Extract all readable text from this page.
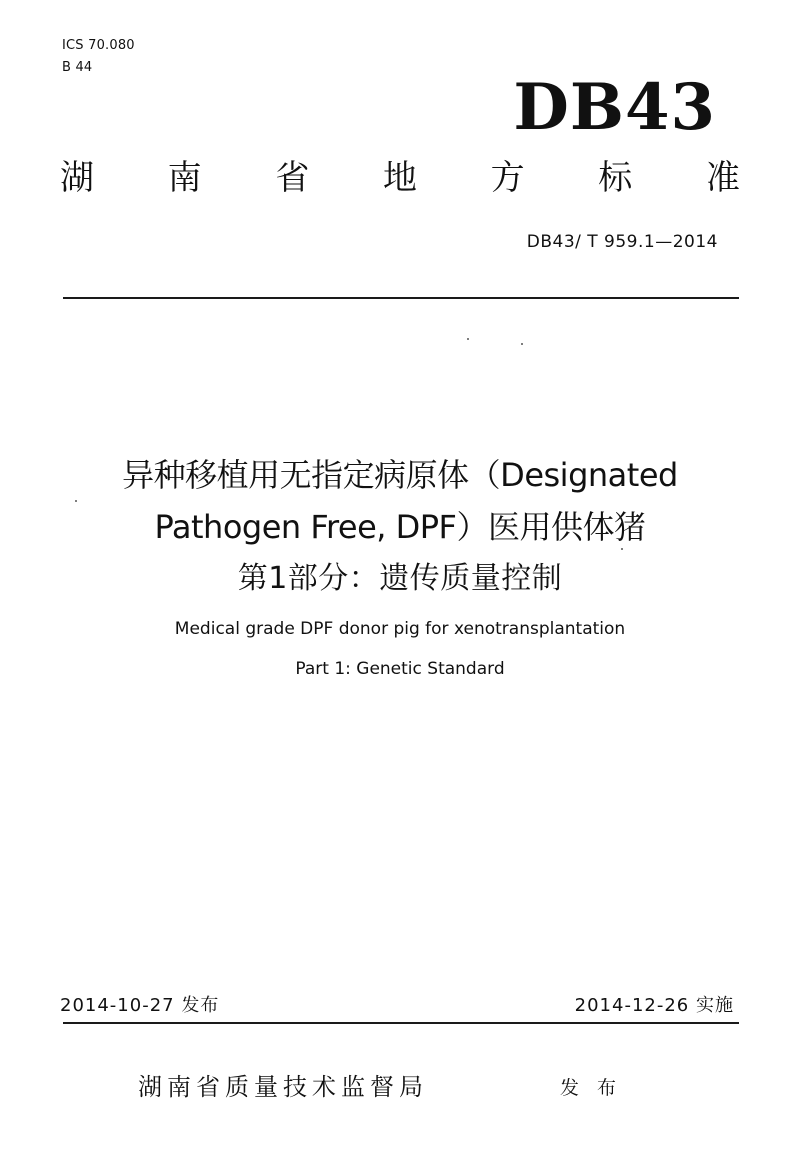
ICS 70.080
B 44
DB43
湖 南 省 地 方 标 准
DB43/ T 959.1—2014
异种移植用无指定病原体（Designated
Pathogen Free, DPF）医用供体猪
第1部分：遗传质量控制
Medical grade DPF donor pig for xenotransplantation
Part 1: Genetic Standard
2014-10-27 发布	2014-12-26 实施
湖南省质量技术监督局	发 布
